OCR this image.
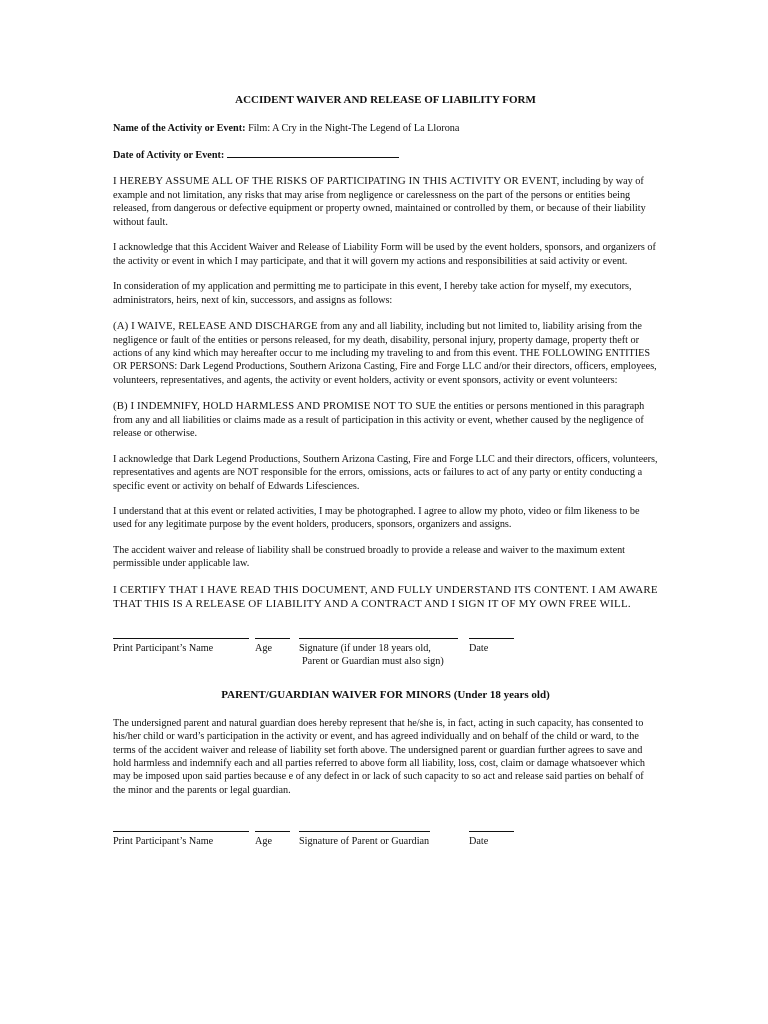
ACCIDENT WAIVER AND RELEASE OF LIABILITY FORM
Name of the Activity or Event: Film: A Cry in the Night-The Legend of La Llorona
Date of Activity or Event:

I HEREBY ASSUME ALL OF THE RISKS OF PARTICIPATING IN THIS ACTIVITY OR EVENT, including by way of example and not limitation, any risks that may arise from negligence or carelessness on the part of the persons or entities being released, from dangerous or defective equipment or property owned, maintained or controlled by them, or because of their liability without fault.

I acknowledge that this Accident Waiver and Release of Liability Form will be used by the event holders, sponsors, and organizers of the activity or event in which I may participate, and that it will govern my actions and responsibilities at said activity or event.

In consideration of my application and permitting me to participate in this event, I hereby take action for myself, my executors, administrators, heirs, next of kin, successors, and assigns as follows:

(A) I WAIVE, RELEASE AND DISCHARGE from any and all liability, including but not limited to, liability arising from the negligence or fault of the entities or persons released, for my death, disability, personal injury, property damage, property theft or actions of any kind which may hereafter occur to me including my traveling to and from this event. THE FOLLOWING ENTITIES OR PERSONS: Dark Legend Productions, Southern Arizona Casting, Fire and Forge LLC and/or their directors, officers, employees, volunteers, representatives, and agents, the activity or event holders, activity or event sponsors, activity or event volunteers:

(B) I INDEMNIFY, HOLD HARMLESS AND PROMISE NOT TO SUE the entities or persons mentioned in this paragraph from any and all liabilities or claims made as a result of participation in this activity or event, whether caused by the negligence of release or otherwise.

I acknowledge that Dark Legend Productions, Southern Arizona Casting, Fire and Forge LLC and their directors, officers, volunteers, representatives and agents are NOT responsible for the errors, omissions, acts or failures to act of any party or entity conducting a specific event or activity on behalf of Edwards Lifesciences.

I understand that at this event or related activities, I may be photographed. I agree to allow my photo, video or film likeness to be used for any legitimate purpose by the event holders, producers, sponsors, organizers and assigns.

The accident waiver and release of liability shall be construed broadly to provide a release and waiver to the maximum extent permissible under applicable law.

I CERTIFY THAT I HAVE READ THIS DOCUMENT, AND FULLY UNDERSTAND ITS CONTENT. I AM AWARE THAT THIS IS A RELEASE OF LIABILITY AND A CONTRACT AND I SIGN IT OF MY OWN FREE WILL.

Print Participant’s Name	Age	Signature (if under 18 years old,	Date
Parent or Guardian must also sign)
PARENT/GUARDIAN WAIVER FOR MINORS (Under 18 years old)

The undersigned parent and natural guardian does hereby represent that he/she is, in fact, acting in such capacity, has consented to his/her child or ward’s participation in the activity or event, and has agreed individually and on behalf of the child or ward, to the terms of the accident waiver and release of liability set forth above. The undersigned parent or guardian further agrees to save and hold harmless and indemnify each and all parties referred to above form all liability, loss, cost, claim or damage whatsoever which may be imposed upon said parties because e of any defect in or lack of such capacity to so act and release said parties on behalf of the minor and the parents or legal guardian.

Print Participant’s Name	Age	Signature of Parent or Guardian	Date
